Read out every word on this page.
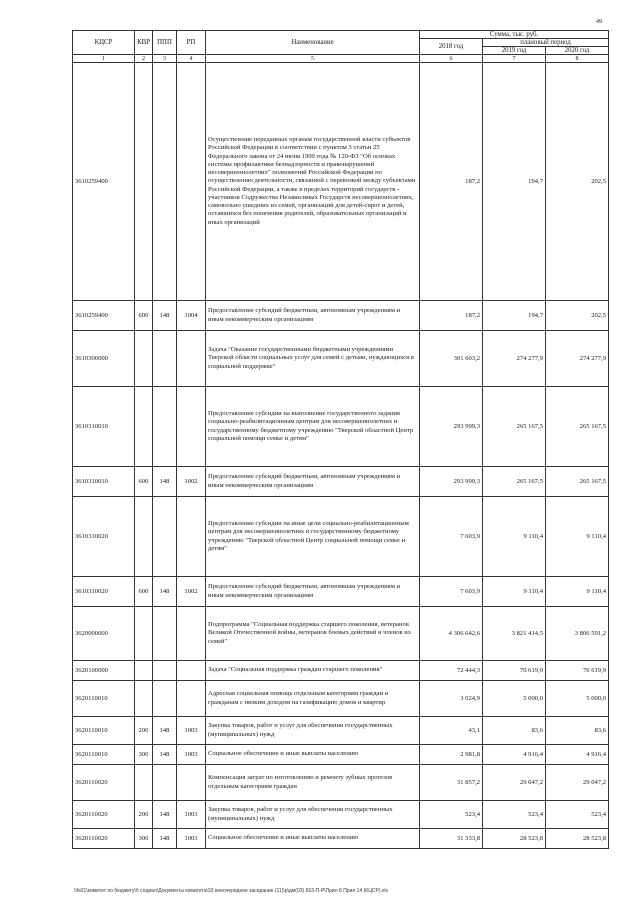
49
КЦСР	КВР	ППП	РП	Наименование	Сумма, тыс. руб.		
					2018 год	плановый период	
						2019 год	2020 год
1	2	3	4	5	6	7	8
3610259400				Осуществление переданных органам государственной власти субъектов Российской Федерации в соответствии с пунктом 3 статьи 25 Федерального закона от 24 июня 1999 года № 120-ФЗ "Об основах системы профилактики безнадзорности и правонарушений несовершеннолетних" полномочий Российской Федерации по осуществлению деятельности, связанной с перевозкой между субъектами Российской Федерации, а также в пределах территорий государств - участников Содружества Независимых Государств несовершеннолетних, самовольно ушедших из семей, организаций для детей-сирот и детей, оставшихся без попечения родителей, образовательных организаций и иных организаций	187,2	194,7	202,5
3610259400	600	148	1004	Предоставление субсидий бюджетным, автономным учреждениям и иным некоммерческим организациям	187,2	194,7	202,5
3610300000				Задача "Оказание государственными бюджетными учреждениями Тверской области социальных услуг для семей с детьми, нуждающихся в социальной поддержке"	301 603,2	274 277,9	274 277,9
3610310010				Предоставление субсидии на выполнение государственного задания социально-реабилитационным центрам для несовершеннолетних и государственному бюджетному учреждению "Тверской областной Центр социальной помощи семье и детям"	293 999,3	265 167,5	265 167,5
3610310010	600	148	1002	Предоставление субсидий бюджетным, автономным учреждениям и иным некоммерческим организациям	293 999,3	265 167,5	265 167,5
3610310020				Предоставление субсидии на иные цели социально-реабилитационным центрам для несовершеннолетних и государственному бюджетному учреждению "Тверской областной Центр социальной помощи семье и детям"	7 603,9	9 110,4	9 110,4
3610310020	600	148	1002	Предоставление субсидий бюджетным, автономным учреждениям и иным некоммерческим организациям	7 603,9	9 110,4	9 110,4
3620000000				Подпрограмма "Социальная поддержка старшего поколения, ветеранов Великой Отечественной войны, ветеранов боевых действий и членов их семей"	4 306 642,6	3 821 414,5	3 806 591,2
3620100000				Задача "Социальная поддержка граждан старшего поколения"	72 444,3	70 619,9	70 619,9
3620110010				Адресная социальная помощь отдельным категориям граждан и гражданам с низким доходом на газификацию домов и квартир	3 024,9	5 000,0	5 000,0
3620110010	200	148	1003	Закупка товаров, работ и услуг для обеспечения государственных (муниципальных) нужд	43,1	83,6	83,6
3620110010	300	148	1003	Социальное обеспечение и иные выплаты населению	2 981,8	4 916,4	4 916,4
3620110020				Компенсация затрат по изготовлению и ремонту зубных протезов отдельным категориям граждан	31 857,2	29 047,2	29 047,2
3620110020	200	148	1003	Закупка товаров, работ и услуг для обеспечения государственных (муниципальных) нужд	523,4	523,4	523,4
3620110020	300	148	1003	Социальное обеспечение и иные выплаты населению	31 333,8	28 523,8	28 523,8
\\fs01\комитет по бюджету\б социал\Документы комитета\33 внеочередное заседание (11)\р\дм(03) 653-П-Р\Прил 8 Прил 14 (КЦСР).xls
